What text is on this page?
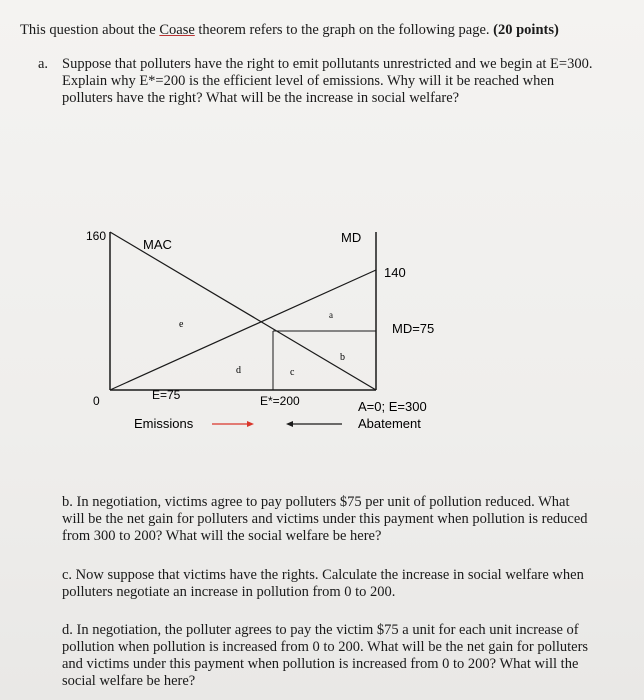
This question about the Coase theorem refers to the graph on the following page. (20 points)
a. Suppose that polluters have the right to emit pollutants unrestricted and we begin at E=300. Explain why E*=200 is the efficient level of emissions. Why will it be reached when polluters have the right? What will be the increase in social welfare?
160
0
MAC	MD
140
MD=75
e
a
b
d	c
E=75	E*=200	A=0; E=300
Emissions	Abatement
b. In negotiation, victims agree to pay polluters $75 per unit of pollution reduced. What will be the net gain for polluters and victims under this payment when pollution is reduced from 300 to 200? What will the social welfare be here?
c. Now suppose that victims have the rights. Calculate the increase in social welfare when polluters negotiate an increase in pollution from 0 to 200.
d. In negotiation, the polluter agrees to pay the victim $75 a unit for each unit increase of pollution when pollution is increased from 0 to 200. What will be the net gain for polluters and victims under this payment when pollution is increased from 0 to 200? What will the social welfare be here?
